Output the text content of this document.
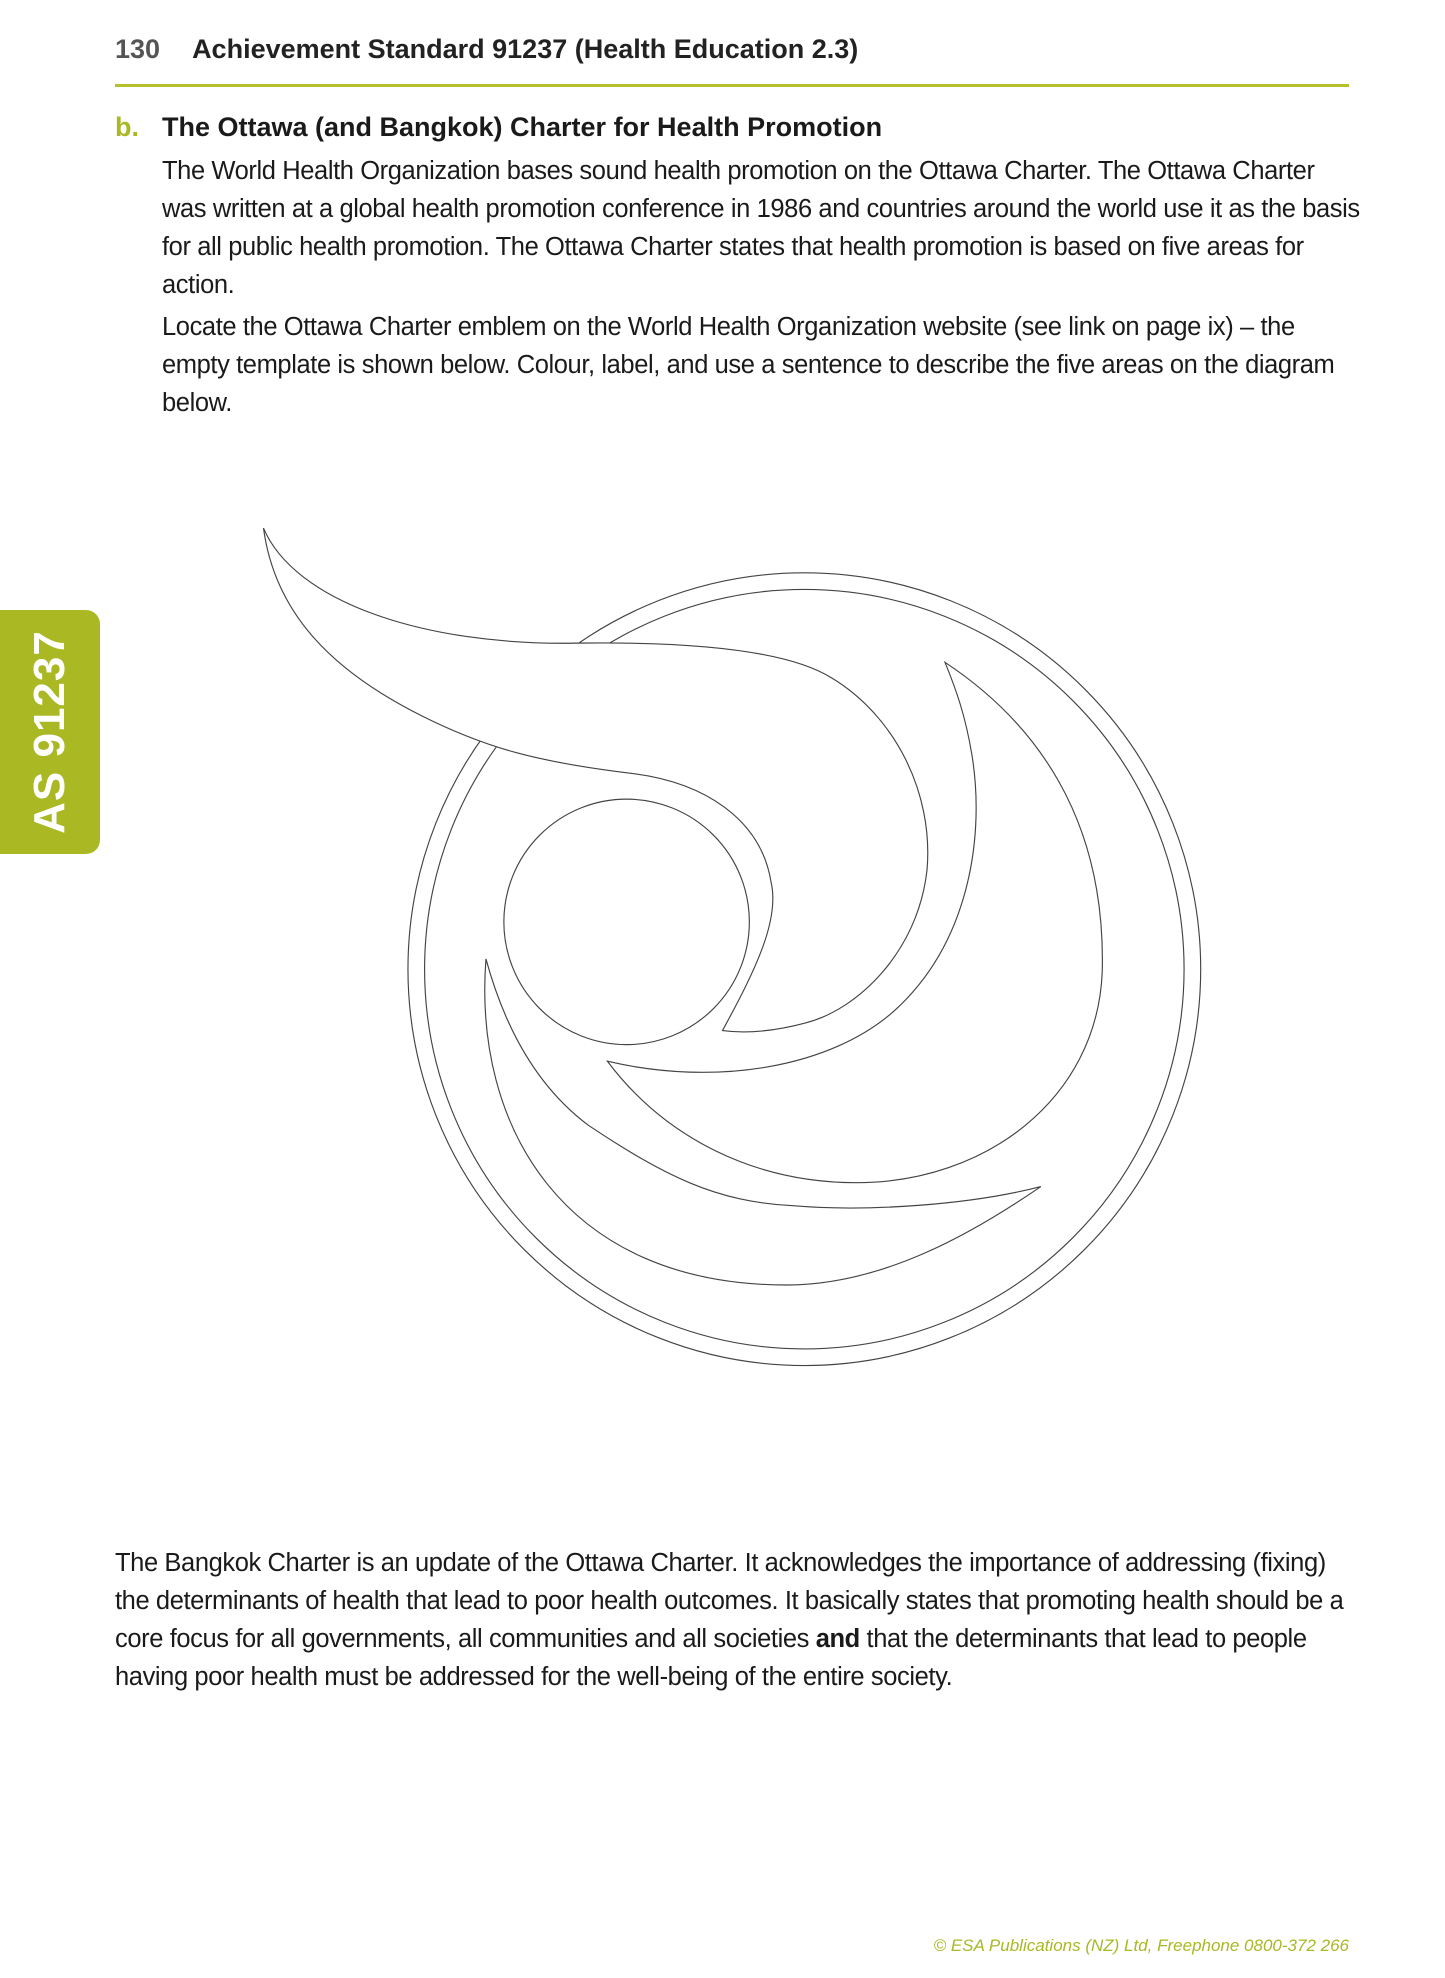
130 Achievement Standard 91237 (Health Education 2.3)
AS 91237
b. The Ottawa (and Bangkok) Charter for Health Promotion
The World Health Organization bases sound health promotion on the Ottawa Charter. The Ottawa Charter was written at a global health promotion conference in 1986 and countries around the world use it as the basis for all public health promotion. The Ottawa Charter states that health promotion is based on five areas for action.
Locate the Ottawa Charter emblem on the World Health Organization website (see link on page ix) – the empty template is shown below. Colour, label, and use a sentence to describe the five areas on the diagram below.
The Bangkok Charter is an update of the Ottawa Charter. It acknowledges the importance of addressing (fixing) the determinants of health that lead to poor health outcomes. It basically states that promoting health should be a core focus for all governments, all communities and all societies and that the determinants that lead to people having poor health must be addressed for the well-being of the entire society.
© ESA Publications (NZ) Ltd, Freephone 0800-372 266
